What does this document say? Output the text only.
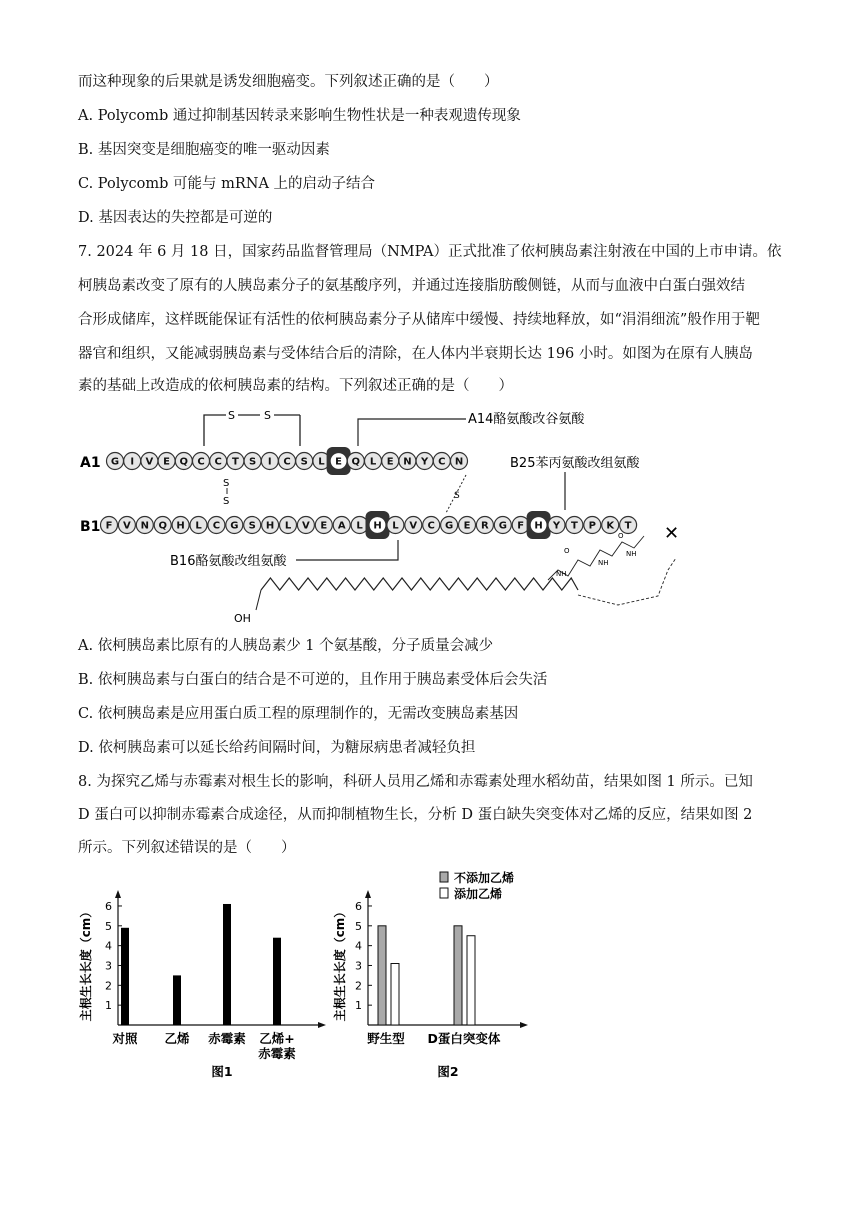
而这种现象的后果就是诱发细胞癌变。下列叙述正确的是（　　）
A. Polycomb 通过抑制基因转录来影响生物性状是一种表观遗传现象
B. 基因突变是细胞癌变的唯一驱动因素
C. Polycomb 可能与 mRNA 上的启动子结合
D. 基因表达的失控都是可逆的
7. 2024 年 6 月 18 日，国家药品监督管理局（NMPA）正式批准了依柯胰岛素注射液在中国的上市申请。依
柯胰岛素改变了原有的人胰岛素分子的氨基酸序列，并通过连接脂肪酸侧链，从而与血液中白蛋白强效结
合形成储库，这样既能保证有活性的依柯胰岛素分子从储库中缓慢、持续地释放，如“涓涓细流”般作用于靶
器官和组织，又能减弱胰岛素与受体结合后的清除，在人体内半衰期长达 196 小时。如图为在原有人胰岛
素的基础上改造成的依柯胰岛素的结构。下列叙述正确的是（　　）
G I V E Q C C T S I C S L E Q L E N Y C N
F V N Q H L C G S H L V E A L H L V C G E R G F H Y T P K T
A1
B1
S	S
S
S	S
A14酪氨酸改谷氨酸
B25苯丙氨酸改组氨酸
B16酪氨酸改组氨酸
OH
NH
NH
O
O
NH
✕
A. 依柯胰岛素比原有的人胰岛素少 1 个氨基酸，分子质量会减少
B. 依柯胰岛素与白蛋白的结合是不可逆的，且作用于胰岛素受体后会失活
C. 依柯胰岛素是应用蛋白质工程的原理制作的，无需改变胰岛素基因
D. 依柯胰岛素可以延长给药间隔时间，为糖尿病患者减轻负担
8. 为探究乙烯与赤霉素对根生长的影响，科研人员用乙烯和赤霉素处理水稻幼苗，结果如图 1 所示。已知
D 蛋白可以抑制赤霉素合成途径，从而抑制植物生长，分析 D 蛋白缺失突变体对乙烯的反应，结果如图 2
所示。下列叙述错误的是（　　）
1
2
3
4
5
6
主根生长长度（cm）
对照 乙烯 赤霉素 乙烯+
赤霉素
图1
1
2
3
4
5
6
主根生长长度（cm）
不添加乙烯
添加乙烯
野生型 D蛋白突变体
图2
